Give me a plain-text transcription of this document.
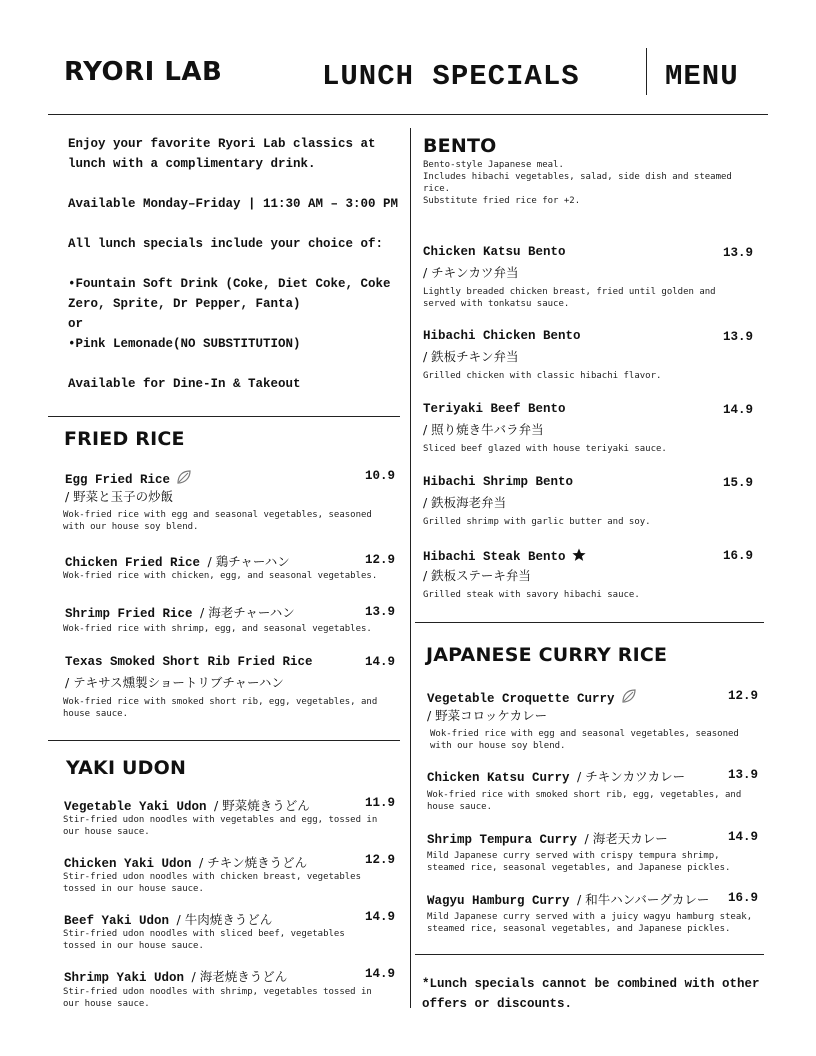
RYORI LAB	LUNCH SPECIALS	MENU
Enjoy your favorite Ryori Lab classics at
lunch with a complimentary drink.
Available Monday–Friday | 11:30 AM – 3:00 PM
All lunch specials include your choice of:
•Fountain Soft Drink (Coke, Diet Coke, Coke
Zero, Sprite, Dr Pepper, Fanta)
or
•Pink Lemonade(NO SUBSTITUTION)
Available for Dine-In & Takeout
FRIED RICE
Egg Fried Rice	10.9
/ 野菜と玉子の炒飯
Wok-fried rice with egg and seasonal vegetables, seasoned
with our house soy blend.
Chicken Fried Rice / 鶏チャーハン	12.9
Wok-fried rice with chicken, egg, and seasonal vegetables.
Shrimp Fried Rice / 海老チャーハン	13.9
Wok-fried rice with shrimp, egg, and seasonal vegetables.
Texas Smoked Short Rib Fried Rice	14.9
/ テキサス燻製ショートリブチャーハン
Wok-fried rice with smoked short rib, egg, vegetables, and
house sauce.
YAKI UDON
Vegetable Yaki Udon / 野菜焼きうどん	11.9
Stir-fried udon noodles with vegetables and egg, tossed in
our house sauce.
Chicken Yaki Udon / チキン焼きうどん	12.9
Stir-fried udon noodles with chicken breast, vegetables
tossed in our house sauce.
Beef Yaki Udon / 牛肉焼きうどん	14.9
Stir-fried udon noodles with sliced beef, vegetables
tossed in our house sauce.
Shrimp Yaki Udon / 海老焼きうどん	14.9
Stir-fried udon noodles with shrimp, vegetables tossed in
our house sauce.
BENTO
Bento-style Japanese meal.
Includes hibachi vegetables, salad, side dish and steamed
rice.
Substitute fried rice for +2.
Chicken Katsu Bento	13.9
/ チキンカツ弁当
Lightly breaded chicken breast, fried until golden and
served with tonkatsu sauce.
Hibachi Chicken Bento	13.9
/ 鉄板チキン弁当
Grilled chicken with classic hibachi flavor.
Teriyaki Beef Bento	14.9
/ 照り焼き牛バラ弁当
Sliced beef glazed with house teriyaki sauce.
Hibachi Shrimp Bento	15.9
/ 鉄板海老弁当
Grilled shrimp with garlic butter and soy.
Hibachi Steak Bento	16.9
/ 鉄板ステーキ弁当
Grilled steak with savory hibachi sauce.
JAPANESE CURRY RICE
Vegetable Croquette Curry	12.9
/ 野菜コロッケカレー
Wok-fried rice with egg and seasonal vegetables, seasoned
with our house soy blend.
Chicken Katsu Curry / チキンカツカレー	13.9
Wok-fried rice with smoked short rib, egg, vegetables, and
house sauce.
Shrimp Tempura Curry / 海老天カレー	14.9
Mild Japanese curry served with crispy tempura shrimp,
steamed rice, seasonal vegetables, and Japanese pickles.
Wagyu Hamburg Curry / 和牛ハンバーグカレー	16.9
Mild Japanese curry served with a juicy wagyu hamburg steak,
steamed rice, seasonal vegetables, and Japanese pickles.
*Lunch specials cannot be combined with other
offers or discounts.
